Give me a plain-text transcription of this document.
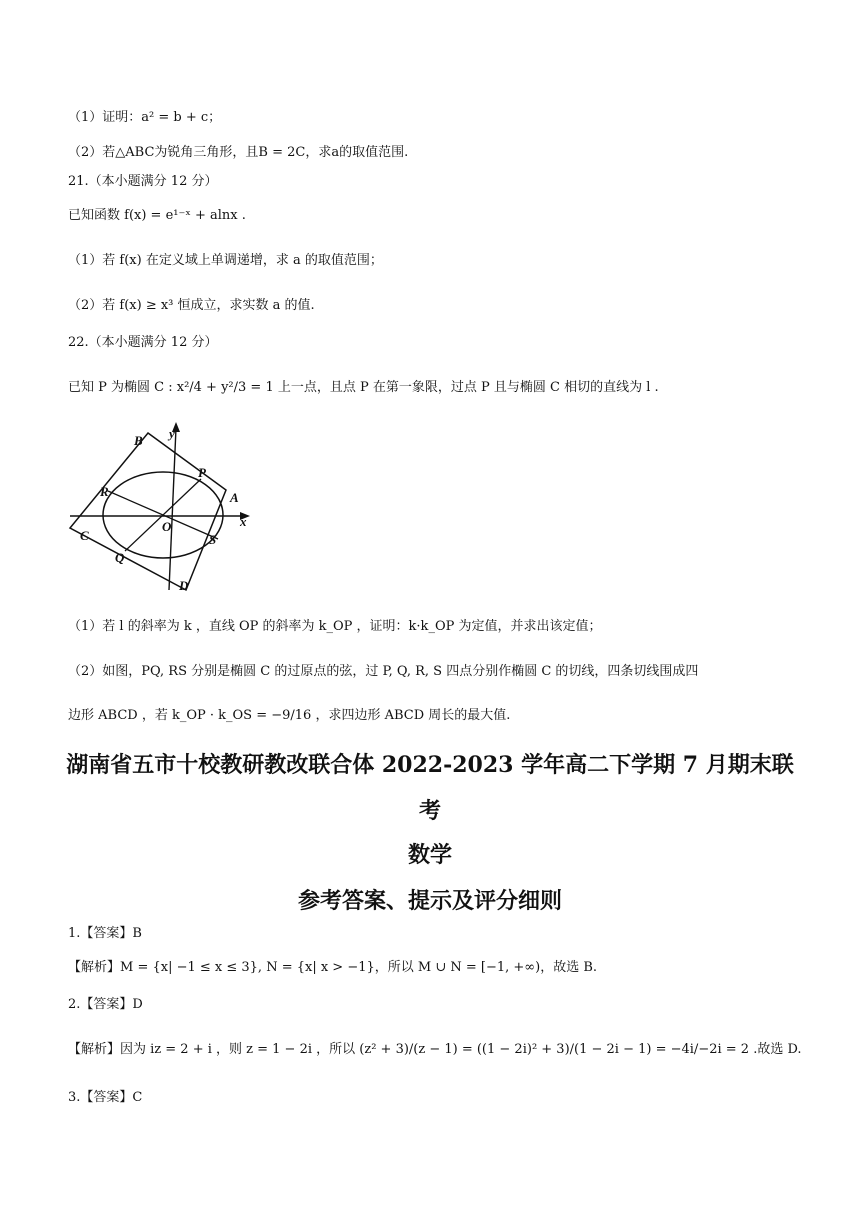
（1）证明：a² = b + c；
（2）若△ABC为锐角三角形，且B = 2C，求a的取值范围.
21.（本小题满分 12 分）
已知函数 f(x) = e¹⁻ˣ + alnx .
（1）若 f(x) 在定义域上单调递增，求 a 的取值范围；
（2）若 f(x) ≥ x³ 恒成立，求实数 a 的值.
22.（本小题满分 12 分）
已知 P 为椭圆 C : x²/4 + y²/3 = 1 上一点，且点 P 在第一象限，过点 P 且与椭圆 C 相切的直线为 l .
B y
P
R	A
C
O	x
S
Q
D
（1）若 l 的斜率为 k ，直线 OP 的斜率为 k_OP ，证明：k·k_OP 为定值，并求出该定值；
（2）如图，PQ, RS 分别是椭圆 C 的过原点的弦，过 P, Q, R, S 四点分别作椭圆 C 的切线，四条切线围成四
边形 ABCD ，若 k_OP · k_OS = −9/16 ，求四边形 ABCD 周长的最大值.
湖南省五市十校教研教改联合体 2022-2023 学年高二下学期 7 月期末联
考
数学
参考答案、提示及评分细则
1.【答案】B
【解析】M = {x| −1 ≤ x ≤ 3}, N = {x| x > −1}，所以 M ∪ N = [−1, +∞)，故选 B.
2.【答案】D
【解析】因为 iz = 2 + i ，则 z = 1 − 2i ，所以 (z² + 3)/(z − 1) = ((1 − 2i)² + 3)/(1 − 2i − 1) = −4i/−2i = 2 .故选 D.
3.【答案】C
